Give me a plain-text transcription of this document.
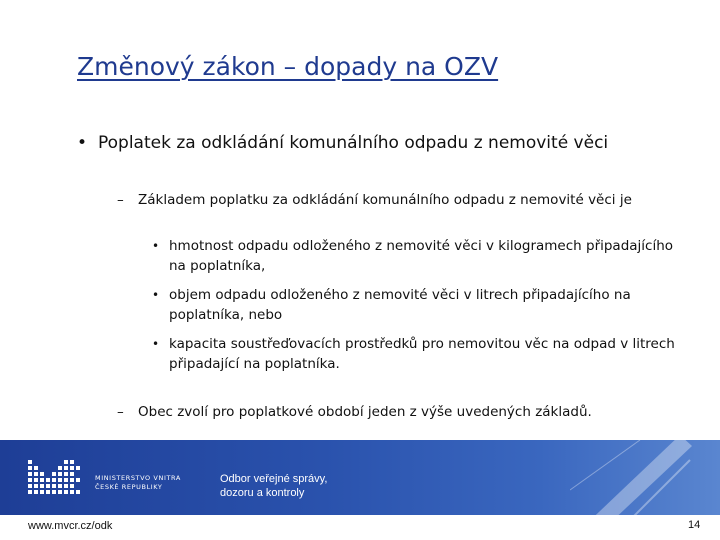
Změnový zákon – dopady na OZV
• Poplatek za odkládání komunálního odpadu z nemovité věci
– Základem poplatku za odkládání komunálního odpadu z nemovité věci je
• hmotnost odpadu odloženého z nemovité věci v kilogramech připadajícího na poplatníka,
• objem odpadu odloženého z nemovité věci v litrech připadajícího na poplatníka, nebo
• kapacita soustřeďovacích prostředků pro nemovitou věc na odpad v litrech připadající na poplatníka.
– Obec zvolí pro poplatkové období jeden z výše uvedených základů.
MINISTERSTVO VNITRA
ČESKÉ REPUBLIKY
Odbor veřejné správy,
dozoru a kontroly
www.mvcr.cz/odk	14
